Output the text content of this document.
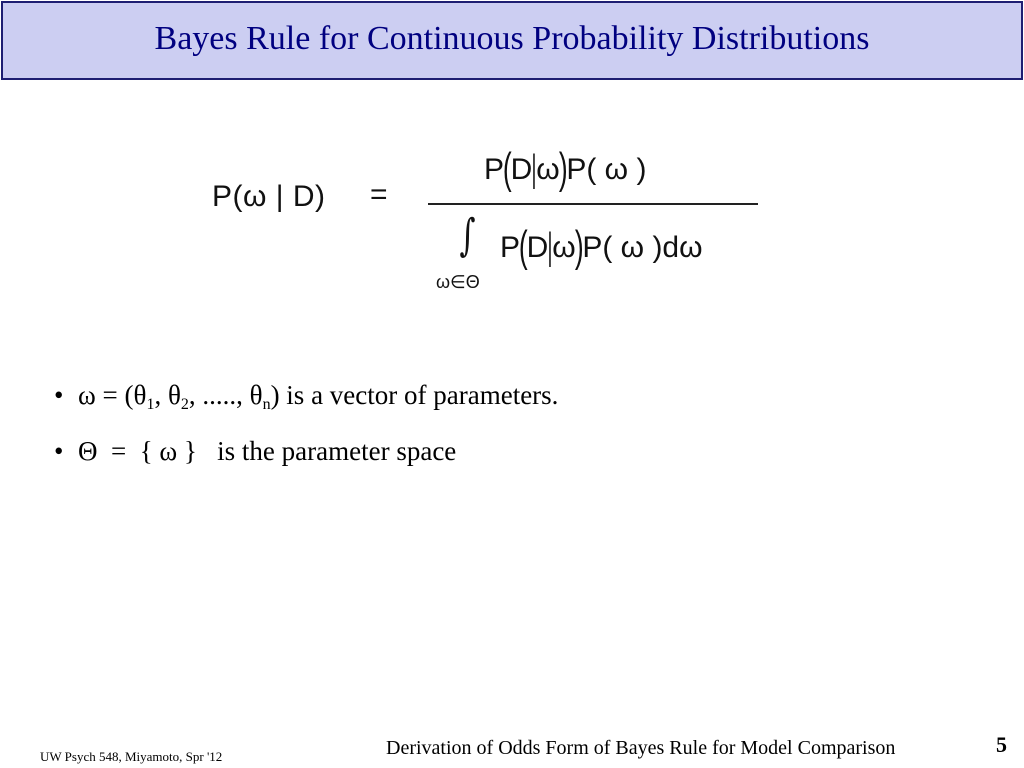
Bayes Rule for Continuous Probability Distributions
P(ω | D) =
P(D|ω)P( ω )
∫ P(D|ω)P( ω )dω
ω∈Θ
• $\omega = (\theta_1$, $\theta_2$, ....., $\theta_n$) is a vector of parameters.
• Θ  =  { ω }   is the parameter space
UW Psych 548, Miyamoto, Spr '12	Derivation of Odds Form of Bayes Rule for Model Comparison	5
